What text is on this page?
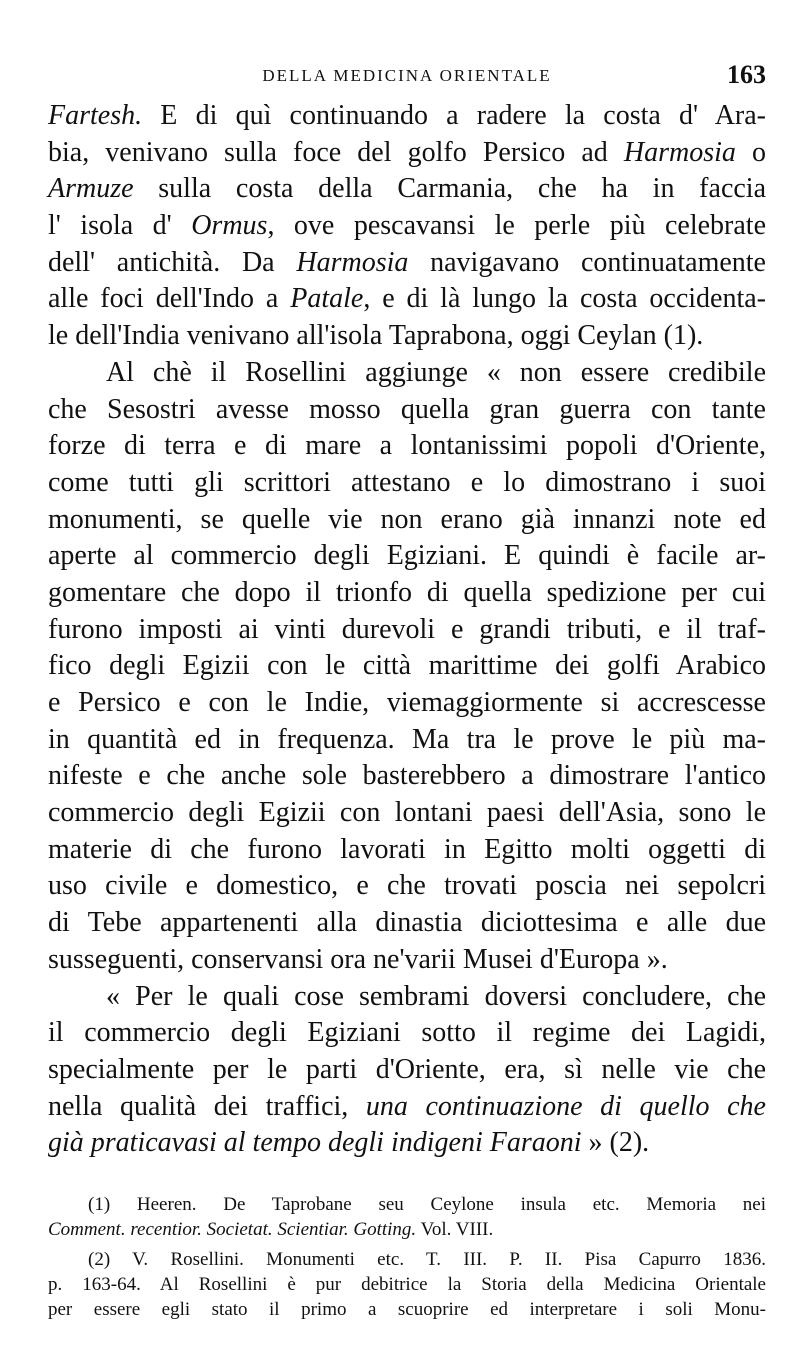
DELLA MEDICINA ORIENTALE	163
Fartesh. E di quì continuando a radere la costa d' Ara-
bia, venivano sulla foce del golfo Persico ad Harmosia o
Armuze sulla costa della Carmania, che ha in faccia
l' isola d' Ormus, ove pescavansi le perle più celebrate
dell' antichità. Da Harmosia navigavano continuatamente
alle foci dell'Indo a Patale, e di là lungo la costa occidenta-
le dell'India venivano all'isola Taprabona, oggi Ceylan (1).
Al chè il Rosellini aggiunge « non essere credibile
che Sesostri avesse mosso quella gran guerra con tante
forze di terra e di mare a lontanissimi popoli d'Oriente,
come tutti gli scrittori attestano e lo dimostrano i suoi
monumenti, se quelle vie non erano già innanzi note ed
aperte al commercio degli Egiziani. E quindi è facile ar-
gomentare che dopo il trionfo di quella spedizione per cui
furono imposti ai vinti durevoli e grandi tributi, e il traf-
fico degli Egizii con le città marittime dei golfi Arabico
e Persico e con le Indie, viemaggiormente si accrescesse
in quantità ed in frequenza. Ma tra le prove le più ma-
nifeste e che anche sole basterebbero a dimostrare l'antico
commercio degli Egizii con lontani paesi dell'Asia, sono le
materie di che furono lavorati in Egitto molti oggetti di
uso civile e domestico, e che trovati poscia nei sepolcri
di Tebe appartenenti alla dinastia diciottesima e alle due
susseguenti, conservansi ora ne'varii Musei d'Europa ».
« Per le quali cose sembrami doversi concludere, che
il commercio degli Egiziani sotto il regime dei Lagidi,
specialmente per le parti d'Oriente, era, sì nelle vie che
nella qualità dei traffici, una continuazione di quello che
già praticavasi al tempo degli indigeni Faraoni » (2).
(1) Heeren. De Taprobane seu Ceylone insula etc. Memoria nei
Comment. recentior. Societat. Scientiar. Gotting. Vol. VIII.
(2) V. Rosellini. Monumenti etc. T. III. P. II. Pisa Capurro 1836.
p. 163-64. Al Rosellini è pur debitrice la Storia della Medicina Orientale
per essere egli stato il primo a scuoprire ed interpretare i soli Monu-
